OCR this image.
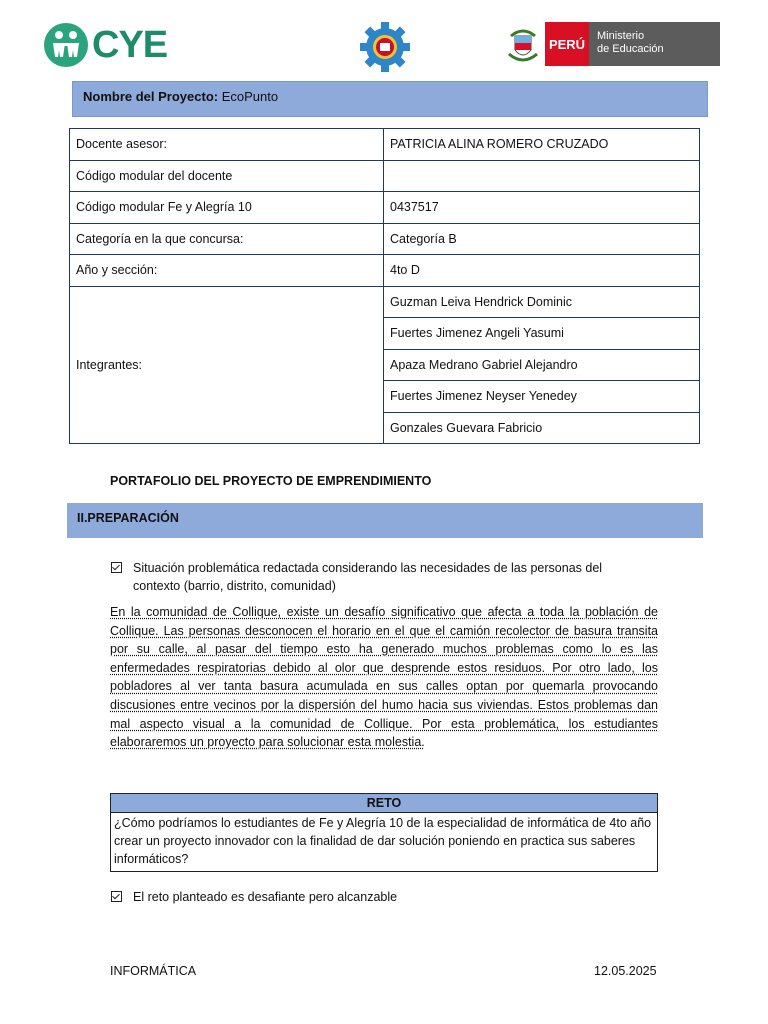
CYE	PERÚ
Ministerio
de Educación
Nombre del Proyecto: EcoPunto
Docente asesor:	PATRICIA ALINA ROMERO CRUZADO
Código modular del docente	
Código modular Fe y Alegría 10	0437517
Categoría en la que concursa:	Categoría B
Año y sección:	4to D
Integrantes:	Guzman Leiva Hendrick Dominic
	Fuertes Jimenez Angeli Yasumi
	Apaza Medrano Gabriel Alejandro
	Fuertes Jimenez Neyser Yenedey
	Gonzales Guevara Fabricio
PORTAFOLIO DEL PROYECTO DE EMPRENDIMIENTO
II.PREPARACIÓN
Situación problemática redactada considerando las necesidades de las personas del contexto (barrio, distrito, comunidad)
En la comunidad de Collique, existe un desafío significativo que afecta a toda la población de Collique. Las personas desconocen el horario en el que el camión recolector de basura transita por su calle, al pasar del tiempo esto ha generado muchos problemas como lo es las enfermedades respiratorias debido al olor que desprende estos residuos. Por otro lado, los pobladores al ver tanta basura acumulada en sus calles optan por quemarla provocando discusiones entre vecinos por la dispersión del humo hacia sus viviendas. Estos problemas dan mal aspecto visual a la comunidad de Collique. Por esta problemática, los estudiantes elaboraremos un proyecto para solucionar esta molestia.
RETO
¿Cómo podríamos lo estudiantes de Fe y Alegría 10 de la especialidad de informática de 4to año crear un proyecto innovador con la finalidad de dar solución poniendo en practica sus saberes informáticos?
El reto planteado es desafiante pero alcanzable
INFORMÁTICA	12.05.2025
